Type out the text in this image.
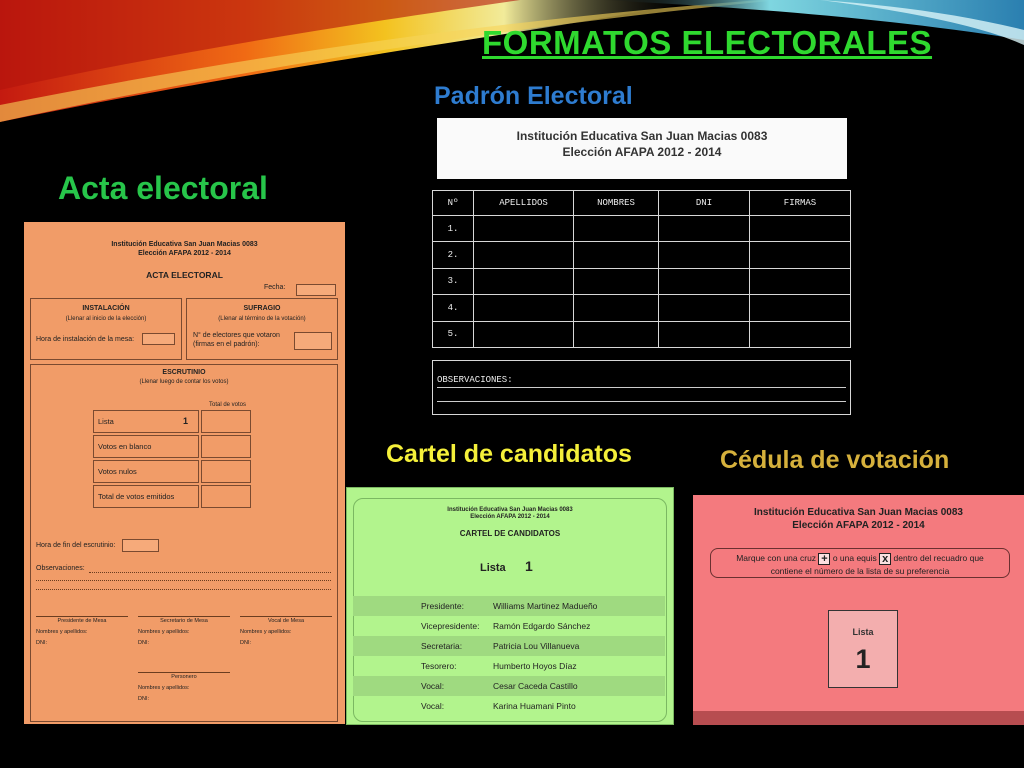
FORMATOS ELECTORALES
Padrón Electoral
Institución Educativa San Juan Macias 0083
Elección AFAPA 2012 - 2014
Nº	APELLIDOS	NOMBRES	DNI	FIRMAS
1.				
2.				
3.				
4.				
5.				
OBSERVACIONES:
Acta electoral
Institución Educativa San Juan Macias 0083
Elección AFAPA 2012 - 2014
ACTA ELECTORAL
Fecha:
INSTALACIÓN
(Llenar al inicio de la elección)
Hora de instalación de la mesa:
SUFRAGIO
(Llenar al término de la votación)
N° de electores que votaron
(firmas en el padrón):
ESCRUTINIO
(Llenar luego de contar los votos)
Total de votos
Lista	1
Votos en blanco
Votos nulos
Total de votos emitidos
Hora de fin del escrutinio:
Observaciones:
Presidente de Mesa	Secretario de Mesa	Vocal de Mesa
Nombres y apellidos:	Nombres y apellidos:	Nombres y apellidos:
DNI:	DNI:	DNI:
Personero
Nombres y apellidos:
DNI:
Cartel de candidatos
Institución Educativa San Juan Macias 0083
Elección AFAPA 2012 - 2014
CARTEL DE CANDIDATOS
Lista 1
Presidente:	Williams Martinez Madueño
Vicepresidente: Ramón Edgardo Sánchez
Secretaria:	Patricia Lou Villanueva
Tesorero:	Humberto Hoyos Díaz
Vocal:	Cesar Caceda Castillo
Vocal:	Karina Huamani Pinto
Cédula de votación
Institución Educativa San Juan Macias 0083
Elección AFAPA 2012 - 2014
Marque con una cruz + o una equis x dentro del recuadro que
contiene el número de la lista de su preferencia
Lista
1
